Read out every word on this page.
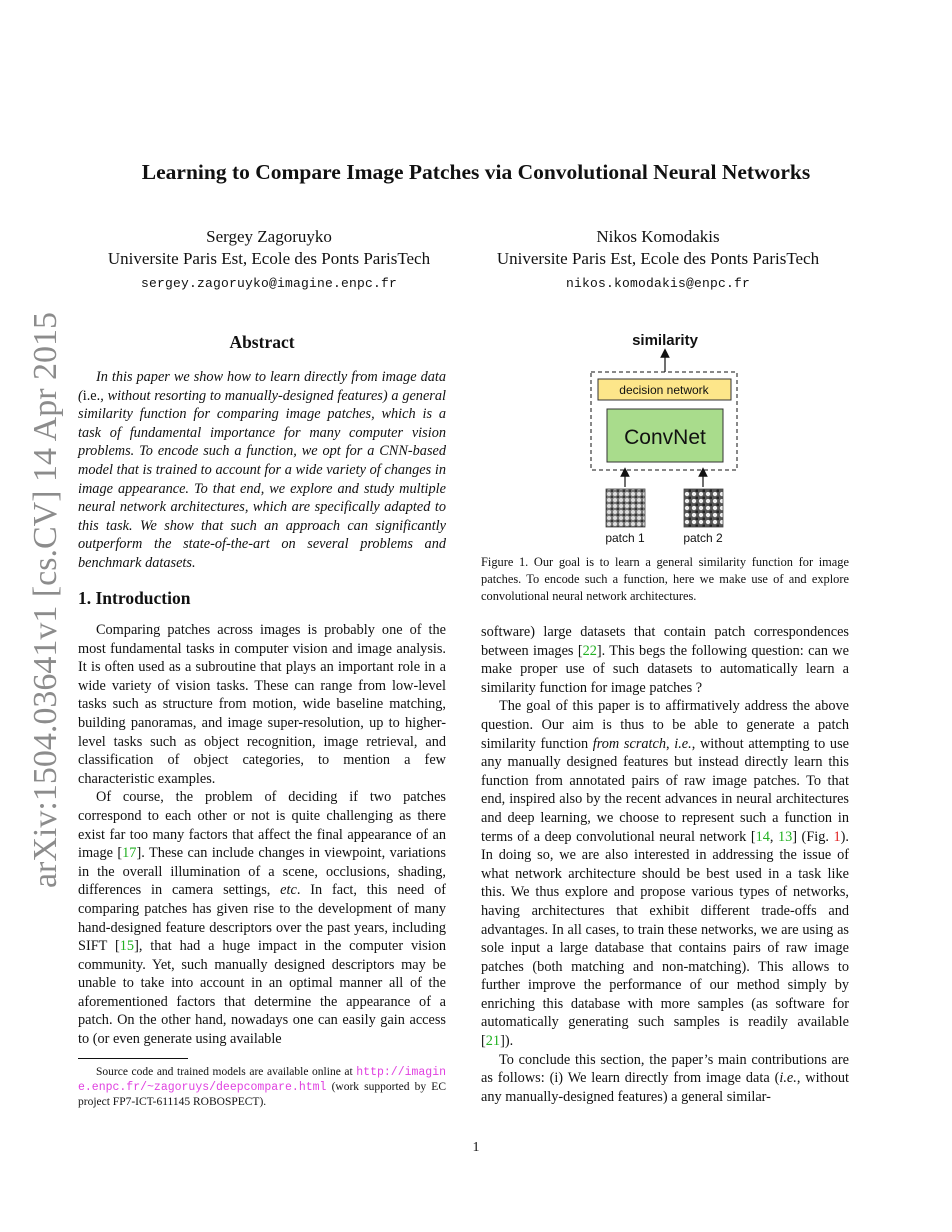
arXiv:1504.03641v1 [cs.CV] 14 Apr 2015
Learning to Compare Image Patches via Convolutional Neural Networks
Sergey Zagoruyko
Universite Paris Est, Ecole des Ponts ParisTech
sergey.zagoruyko@imagine.enpc.fr
Nikos Komodakis
Universite Paris Est, Ecole des Ponts ParisTech
nikos.komodakis@enpc.fr
Abstract

In this paper we show how to learn directly from image data (i.e., without resorting to manually-designed features) a general similarity function for comparing image patches, which is a task of fundamental importance for many computer vision problems. To encode such a function, we opt for a CNN-based model that is trained to account for a wide variety of changes in image appearance. To that end, we explore and study multiple neural network architectures, which are specifically adapted to this task. We show that such an approach can significantly outperform the state-of-the-art on several problems and benchmark datasets.

1. Introduction

Comparing patches across images is probably one of the most fundamental tasks in computer vision and image analysis. It is often used as a subroutine that plays an important role in a wide variety of vision tasks. These can range from low-level tasks such as structure from motion, wide baseline matching, building panoramas, and image super-resolution, up to higher-level tasks such as object recognition, image retrieval, and classification of object categories, to mention a few characteristic examples.

Of course, the problem of deciding if two patches correspond to each other or not is quite challenging as there exist far too many factors that affect the final appearance of an image [17]. These can include changes in viewpoint, variations in the overall illumination of a scene, occlusions, shading, differences in camera settings, etc. In fact, this need of comparing patches has given rise to the development of many hand-designed feature descriptors over the past years, including SIFT [15], that had a huge impact in the computer vision community. Yet, such manually designed descriptors may be unable to take into account in an optimal manner all of the aforementioned factors that determine the appearance of a patch. On the other hand, nowadays one can easily gain access to (or even generate using available

Source code and trained models are available online at http://imagine.enpc.fr/~zagoruys/deepcompare.html (work supported by EC project FP7-ICT-611145 ROBOSPECT).

similarity
decision network
ConvNet
patch 1	patch 2
Figure 1. Our goal is to learn a general similarity function for image patches. To encode such a function, here we make use of and explore convolutional neural network architectures.

software) large datasets that contain patch correspondences between images [22]. This begs the following question: can we make proper use of such datasets to automatically learn a similarity function for image patches ?

The goal of this paper is to affirmatively address the above question. Our aim is thus to be able to generate a patch similarity function from scratch, i.e., without attempting to use any manually designed features but instead directly learn this function from annotated pairs of raw image patches. To that end, inspired also by the recent advances in neural architectures and deep learning, we choose to represent such a function in terms of a deep convolutional neural network [14, 13] (Fig. 1). In doing so, we are also interested in addressing the issue of what network architecture should be best used in a task like this. We thus explore and propose various types of networks, having architectures that exhibit different trade-offs and advantages. In all cases, to train these networks, we are using as sole input a large database that contains pairs of raw image patches (both matching and non-matching). This allows to further improve the performance of our method simply by enriching this database with more samples (as software for automatically generating such samples is readily available [21]).

To conclude this section, the paper’s main contributions are as follows: (i) We learn directly from image data (i.e., without any manually-designed features) a general similar-

1
